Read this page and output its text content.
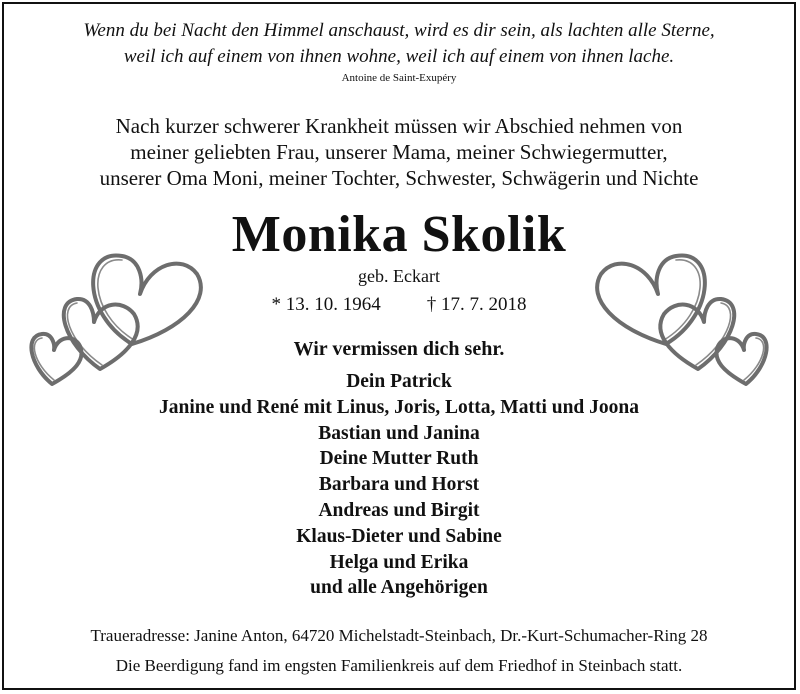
Wenn du bei Nacht den Himmel anschaust, wird es dir sein, als lachten alle Sterne,
weil ich auf einem von ihnen wohne, weil ich auf einem von ihnen lache.
Antoine de Saint-Exupéry
Nach kurzer schwerer Krankheit müssen wir Abschied nehmen von
meiner geliebten Frau, unserer Mama, meiner Schwiegermutter,
unserer Oma Moni, meiner Tochter, Schwester, Schwägerin und Nichte
Monika Skolik
geb. Eckart
* 13. 10. 1964 † 17. 7. 2018
Wir vermissen dich sehr.
Dein Patrick
Janine und René mit Linus, Joris, Lotta, Matti und Joona
Bastian und Janina
Deine Mutter Ruth
Barbara und Horst
Andreas und Birgit
Klaus-Dieter und Sabine
Helga und Erika
und alle Angehörigen
Traueradresse: Janine Anton, 64720 Michelstadt-Steinbach, Dr.-Kurt-Schumacher-Ring 28
Die Beerdigung fand im engsten Familienkreis auf dem Friedhof in Steinbach statt.
